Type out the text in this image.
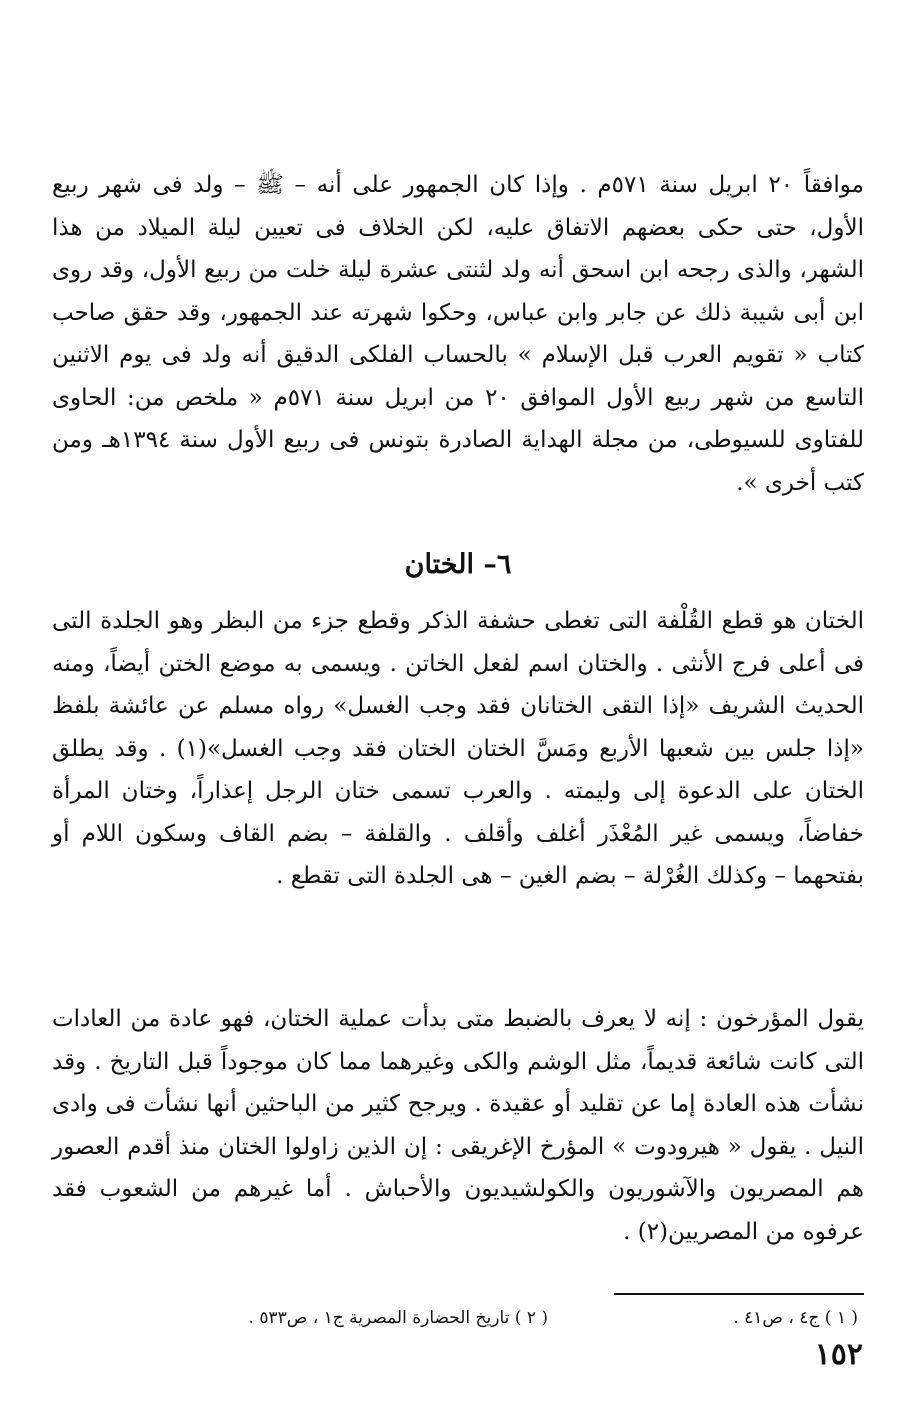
موافقاً ٢٠ ابريل سنة ٥٧١م . وإذا كان الجمهور على أنه – ﷺ – ولد فى شهر ربيع الأول، حتى حكى بعضهم الاتفاق عليه، لكن الخلاف فى تعيين ليلة الميلاد من هذا الشهر، والذى رجحه ابن اسحق أنه ولد لثنتى عشرة ليلة خلت من ربيع الأول، وقد روى ابن أبى شيبة ذلك عن جابر وابن عباس، وحكوا شهرته عند الجمهور، وقد حقق صاحب كتاب « تقويم العرب قبل الإسلام » بالحساب الفلكى الدقيق أنه ولد فى يوم الاثنين التاسع من شهر ربيع الأول الموافق ٢٠ من ابريل سنة ٥٧١م « ملخص من: الحاوى للفتاوى للسيوطى، من مجلة الهداية الصادرة بتونس فى ربيع الأول سنة ١٣٩٤هـ ومن كتب أخرى ».

٦– الختان

الختان هو قطع القُلْفة التى تغطى حشفة الذكر وقطع جزء من البظر وهو الجلدة التى فى أعلى فرج الأنثى . والختان اسم لفعل الخاتن . ويسمى به موضع الختن أيضاً، ومنه الحديث الشريف «إذا التقى الختانان فقد وجب الغسل» رواه مسلم عن عائشة بلفظ «إذا جلس بين شعبها الأربع ومَسَّ الختان الختان فقد وجب الغسل»(١) . وقد يطلق الختان على الدعوة إلى وليمته . والعرب تسمى ختان الرجل إعذاراً، وختان المرأة خفاضاً، ويسمى غير المُعْذَر أغلف وأقلف . والقلفة – بضم القاف وسكون اللام أو بفتحهما – وكذلك الغُرْلة – بضم الغين – هى الجلدة التى تقطع .

يقول المؤرخون : إنه لا يعرف بالضبط متى بدأت عملية الختان، فهو عادة من العادات التى كانت شائعة قديماً، مثل الوشم والكى وغيرهما مما كان موجوداً قبل التاريخ . وقد نشأت هذه العادة إما عن تقليد أو عقيدة . ويرجح كثير من الباحثين أنها نشأت فى وادى النيل . يقول « هيرودوت » المؤرخ الإغريقى : إن الذين زاولوا الختان منذ أقدم العصور هم المصريون والآشوريون والكولشيديون والأحباش . أما غيرهم من الشعوب فقد عرفوه من المصريين(٢) .

( ١ ) ج٤ ، ص٤١ .
( ٢ ) تاريخ الحضارة المصرية ج١ ، ص٥٣٣ .
١٥٢
